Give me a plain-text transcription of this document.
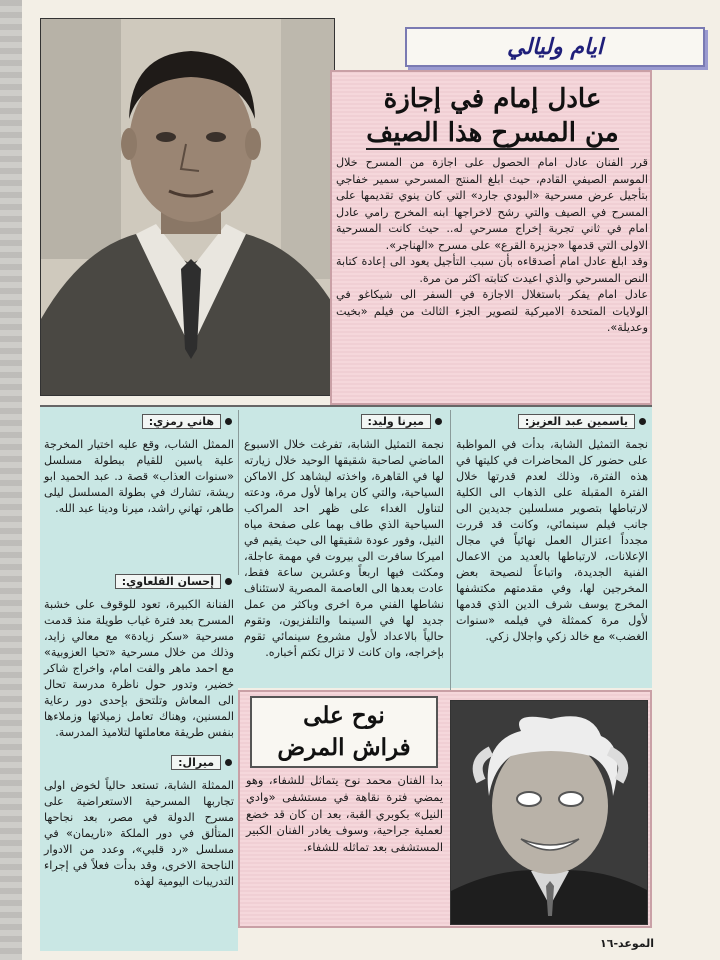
ايام وليالي
عادل إمام في إجازة
من المسرح هذا الصيف
قرر الفنان عادل امام الحصول على اجازة من المسرح خلال الموسم الصيفي القادم، حيث ابلغ المنتج المسرحي سمير خفاجي بتأجيل عرض مسرحية «البودي جارد» التي كان ينوي تقديمها على المسرح في الصيف والتي رشح لاخراجها ابنه المخرج رامي عادل امام في ثاني تجربة إخراج مسرحي له.. حيث كانت المسرحية الاولى التي قدمها «جزيرة القرع» على مسرح «الهناجر».
وقد ابلغ عادل امام أصدقاءه بأن سبب التأجيل يعود الى إعادة كتابة النص المسرحي والذي اعيدت كتابته اكثر من مرة.
عادل امام يفكر باستغلال الاجازة في السفر الى شيكاغو في الولايات المتحدة الاميركية لتصوير الجزء الثالث من فيلم «بخيت وعديلة».
ياسمين عبد العزيز:
نجمة التمثيل الشابة، بدأت في المواظبة على حضور كل المحاضرات في كليتها في هذه الفترة، وذلك لعدم قدرتها خلال الفترة المقبلة على الذهاب الى الكلية لارتباطها بتصوير مسلسلين جديدين الى جانب فيلم سينمائي، وكانت قد قررت مجدداً اعتزال العمل نهائياً في مجال الإعلانات، لارتباطها بالعديد من الاعمال الفنية الجديدة، واتباعاً لنصيحة بعض المخرجين لها، وفي مقدمتهم مكتشفها المخرج يوسف شرف الدين الذي قدمها لأول مرة كممثلة في فيلمه «سنوات الغضب» مع خالد زكي واجلال زكي.
ميرنا وليد:
نجمة التمثيل الشابة، تفرغت خلال الاسبوع الماضي لصاحبة شقيقها الوحيد خلال زيارته لها في القاهرة، واخذته ليشاهد كل الاماكن السياحية، والتي كان يراها لأول مرة، ودعته لتناول الغداء على ظهر احد المراكب السياحية الذي طاف بهما على صفحة مياه النيل، وفور عودة شقيقها الى حيث يقيم في اميركا سافرت الى بيروت في مهمة عاجلة، ومكثت فيها اربعاً وعشرين ساعة فقط، عادت بعدها الى العاصمة المصرية لاستئناف نشاطها الفني مرة اخرى وباكثر من عمل جديد لها في السينما والتلفزيون، وتقوم حالياً بالاعداد لأول مشروع سينمائي تقوم بإخراجه، وان كانت لا تزال تكتم أخباره.
هاني رمزي:
الممثل الشاب، وقع عليه اختيار المخرجة علية ياسين للقيام ببطولة مسلسل «سنوات العذاب» قصة د. عبد الحميد ابو ريشة، تشارك في بطولة المسلسل ليلى طاهر، تهاني راشد، ميرنا ودينا عبد الله.
إحسان القلعاوي:
الفنانة الكبيرة، تعود للوقوف على خشبة المسرح بعد فترة غياب طويلة منذ قدمت مسرحية «سكر زيادة» مع معالي زايد، وذلك من خلال مسرحية «تحيا العزوبية» مع احمد ماهر والفت امام، واخراج شاكر خضير، وتدور حول ناظرة مدرسة تحال الى المعاش وتلتحق بإحدى دور رعاية المسنين، وهناك تعامل زميلاتها وزملاءها بنفس طريقة معاملتها لتلاميذ المدرسة.
ميرال:
الممثلة الشابة، تستعد حالياً لخوض اولى تجاربها المسرحية الاستعراضية على مسرح الدولة في مصر، بعد نجاحها المتألق في دور الملكة «ناريمان» في مسلسل «رد قلبي»، وعدد من الادوار الناجحة الاخرى، وقد بدأت فعلاً في إجراء التدريبات اليومية لهذه
نوح على
فراش المرض
بدا الفنان محمد نوح يتماثل للشفاء، وهو يمضي فترة نقاهة في مستشفى «وادي النيل» بكوبري القبة، بعد ان كان قد خضع لعملية جراحية، وسوف يغادر الفنان الكبير المستشفى بعد تماثله للشفاء.
الموعد-١٦
